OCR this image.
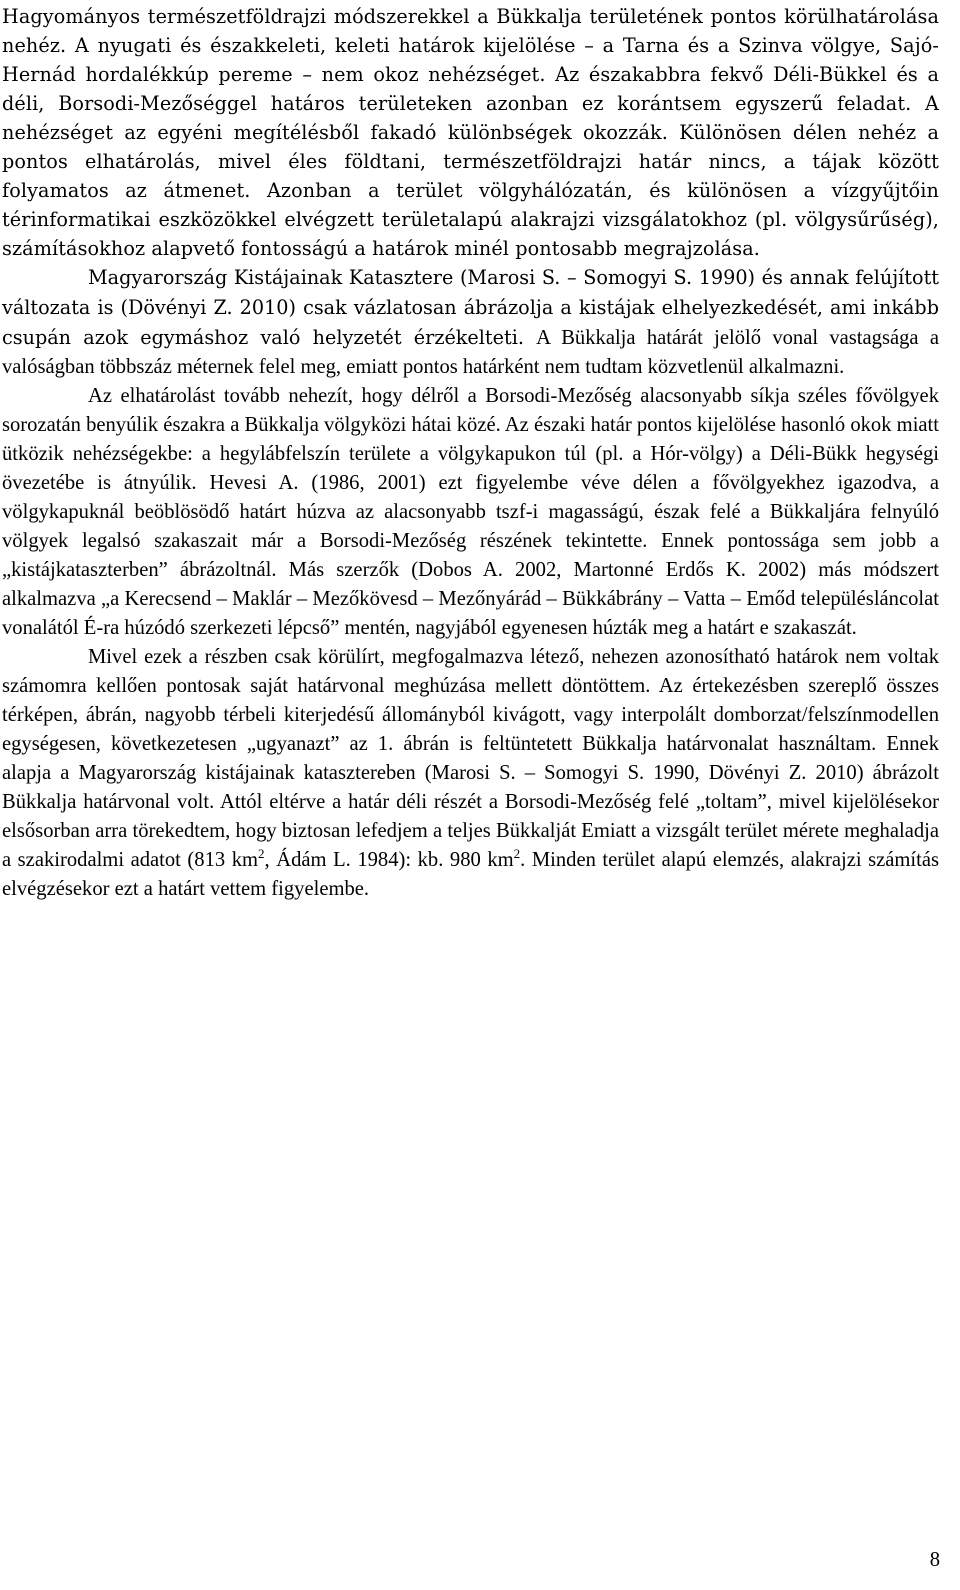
Hagyományos természetföldrajzi módszerekkel a Bükkalja területének pontos körülhatárolása nehéz. A nyugati és északkeleti, keleti határok kijelölése – a Tarna és a Szinva völgye, Sajó-Hernád hordalékkúp pereme – nem okoz nehézséget. Az északabbra fekvő Déli-Bükkel és a déli, Borsodi-Mezőséggel határos területeken azonban ez korántsem egyszerű feladat. A nehézséget az egyéni megítélésből fakadó különbségek okozzák. Különösen délen nehéz a pontos elhatárolás, mivel éles földtani, természetföldrajzi határ nincs, a tájak között folyamatos az átmenet. Azonban a terület völgyhálózatán, és különösen a vízgyűjtőin térinformatikai eszközökkel elvégzett területalapú alakrajzi vizsgálatokhoz (pl. völgysűrűség), számításokhoz alapvető fontosságú a határok minél pontosabb megrajzolása.

Magyarország Kistájainak Katasztere (Marosi S. – Somogyi S. 1990) és annak felújított változata is (Dövényi Z. 2010) csak vázlatosan ábrázolja a kistájak elhelyezkedését, ami inkább csupán azok egymáshoz való helyzetét érzékelteti. A Bükkalja határát jelölő vonal vastagsága a valóságban többszáz méternek felel meg, emiatt pontos határként nem tudtam közvetlenül alkalmazni.

Az elhatárolást tovább nehezít, hogy délről a Borsodi-Mezőség alacsonyabb síkja széles fővölgyek sorozatán benyúlik északra a Bükkalja völgyközi hátai közé. Az északi határ pontos kijelölése hasonló okok miatt ütközik nehézségekbe: a hegylábfelszín területe a völgykapukon túl (pl. a Hór-völgy) a Déli-Bükk hegységi övezetébe is átnyúlik. Hevesi A. (1986, 2001) ezt figyelembe véve délen a fővölgyekhez igazodva, a völgykapuknál beöblösödő határt húzva az alacsonyabb tszf-i magasságú, észak felé a Bükkaljára felnyúló völgyek legalsó szakaszait már a Borsodi-Mezőség részének tekintette. Ennek pontossága sem jobb a „kistájkataszterben” ábrázoltnál. Más szerzők (Dobos A. 2002, Martonné Erdős K. 2002) más módszert alkalmazva „a Kerecsend – Maklár – Mezőkövesd – Mezőnyárád – Bükkábrány – Vatta – Emőd településláncolat vonalától É-ra húzódó szerkezeti lépcső” mentén, nagyjából egyenesen húzták meg a határt e szakaszát.

Mivel ezek a részben csak körülírt, megfogalmazva létező, nehezen azonosítható határok nem voltak számomra kellően pontosak saját határvonal meghúzása mellett döntöttem. Az értekezésben szereplő összes térképen, ábrán, nagyobb térbeli kiterjedésű állományból kivágott, vagy interpolált domborzat/felszínmodellen egységesen, következetesen „ugyanazt” az 1. ábrán is feltüntetett Bükkalja határvonalat használtam. Ennek alapja a Magyarország kistájainak katasztereben (Marosi S. – Somogyi S. 1990, Dövényi Z. 2010) ábrázolt Bükkalja határvonal volt. Attól eltérve a határ déli részét a Borsodi-Mezőség felé „toltam”, mivel kijelölésekor elsősorban arra törekedtem, hogy biztosan lefedjem a teljes Bükkalját Emiatt a vizsgált terület mérete meghaladja a szakirodalmi adatot (813 $km^2$, Ádám L. 1984): kb. 980 $km^2$. Minden terület alapú elemzés, alakrajzi számítás elvégzésekor ezt a határt vettem figyelembe.

8
